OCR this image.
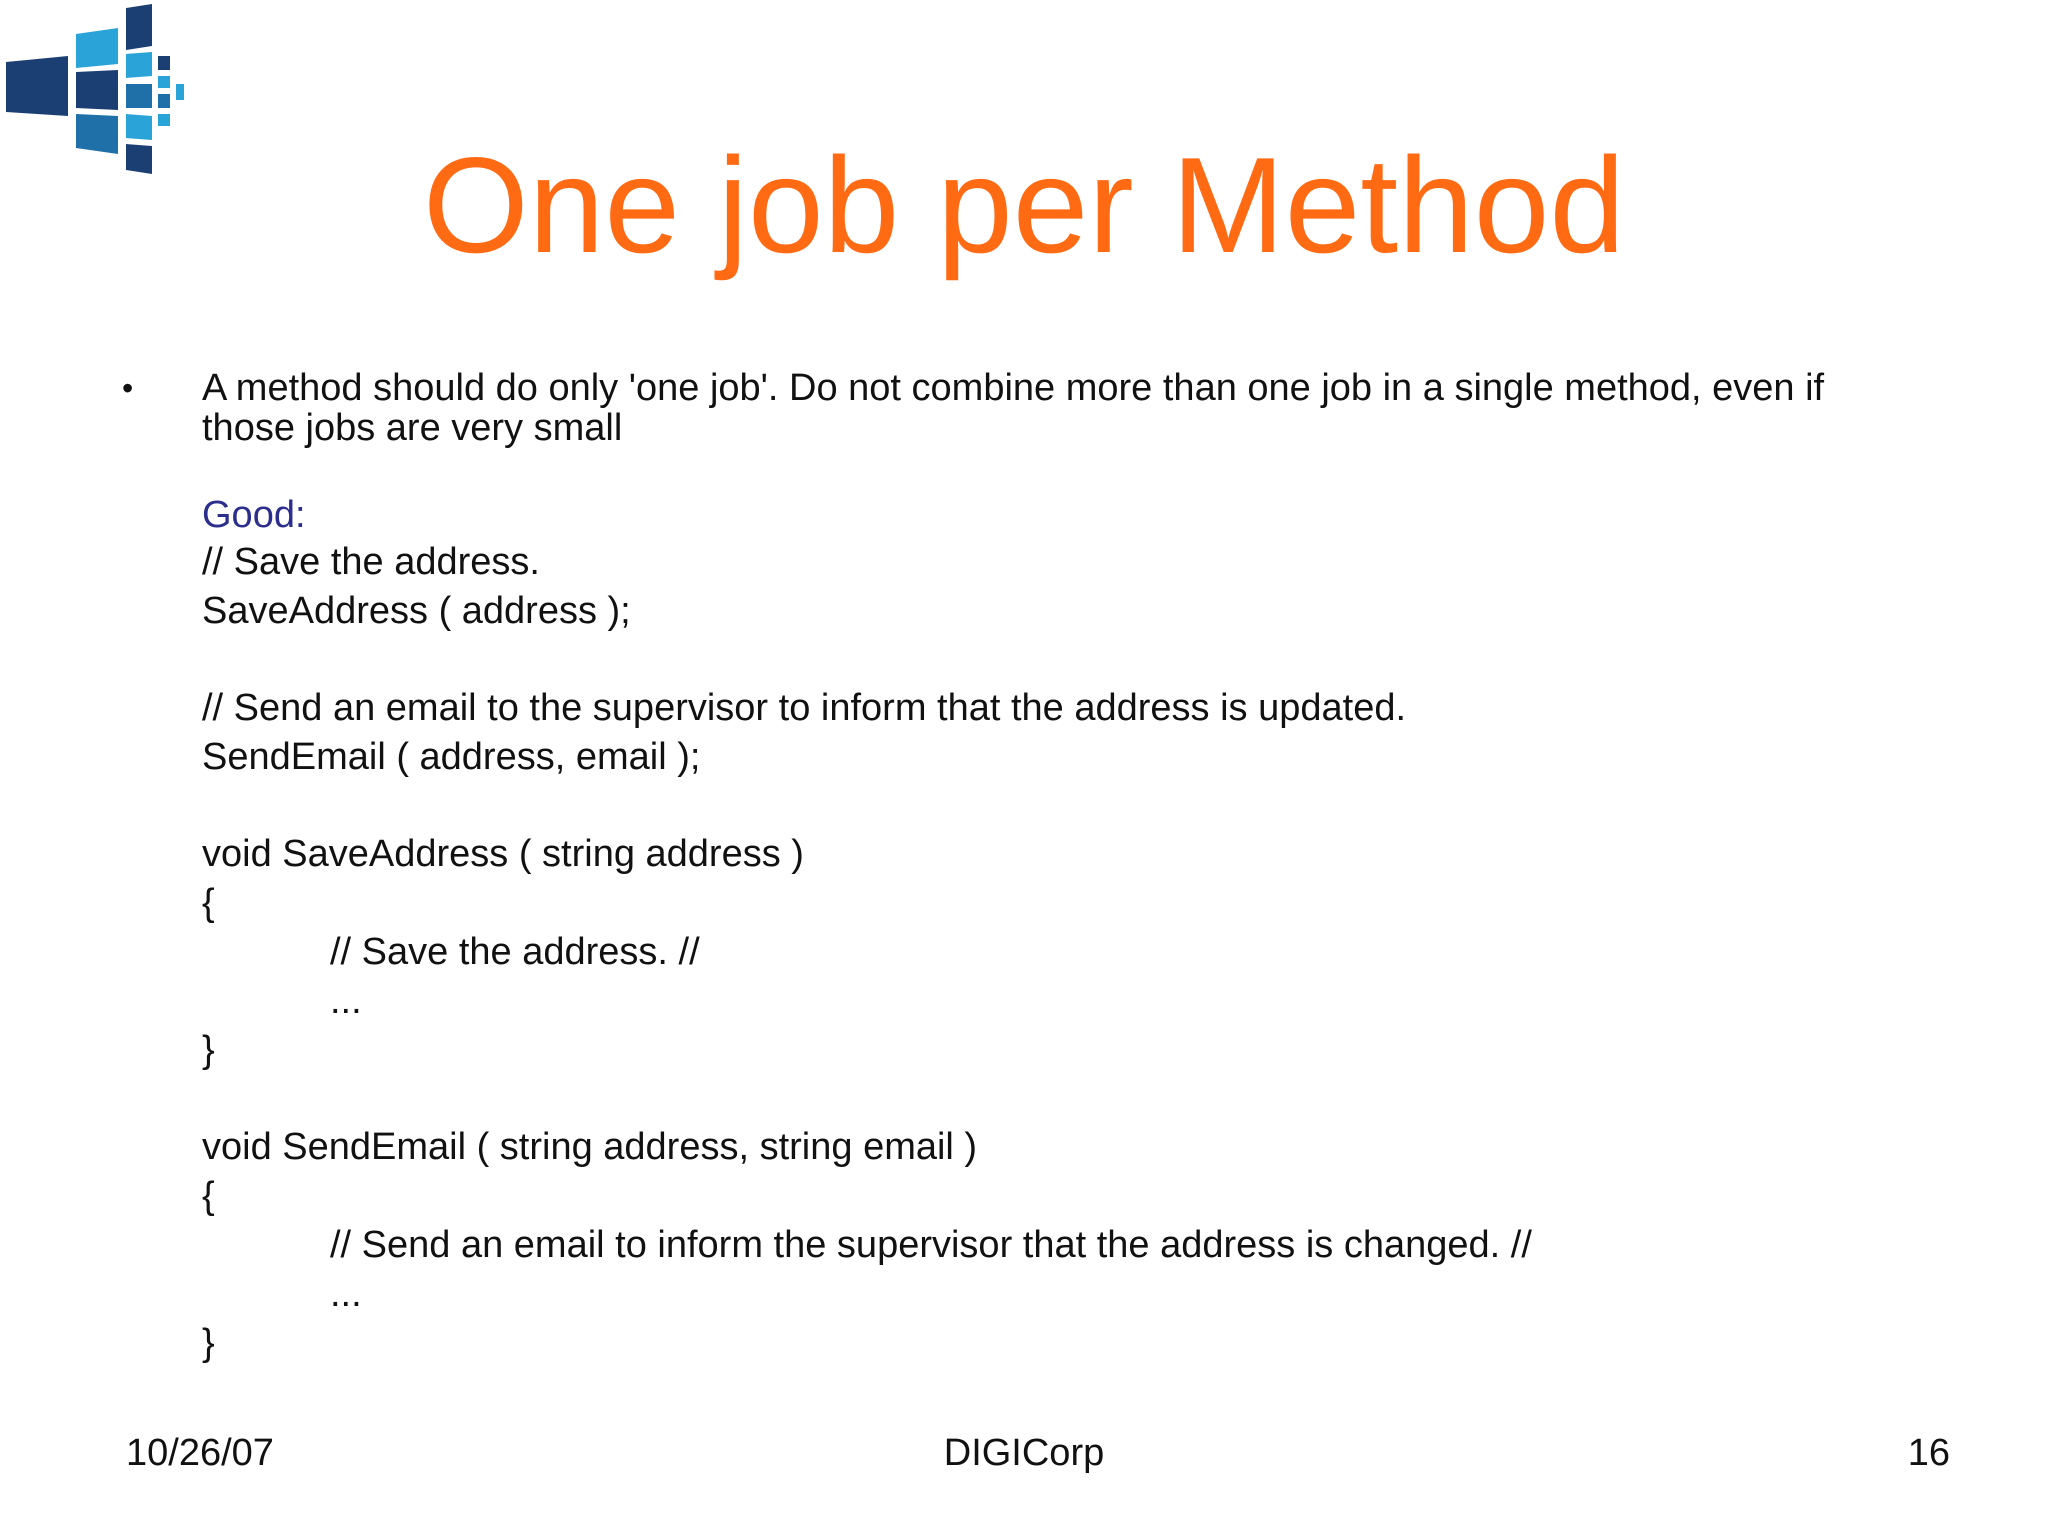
One job per Method
• A method should do only 'one job'. Do not combine more than one job in a single method, even if
those jobs are very small

Good:
// Save the address.
SaveAddress ( address );
// Send an email to the supervisor to inform that the address is updated.
SendEmail ( address, email );
void SaveAddress ( string address )
{
// Save the address. //
...
}
void SendEmail ( string address, string email )
{
// Send an email to inform the supervisor that the address is changed. //
...
}
10/26/07	DIGICorp	16
